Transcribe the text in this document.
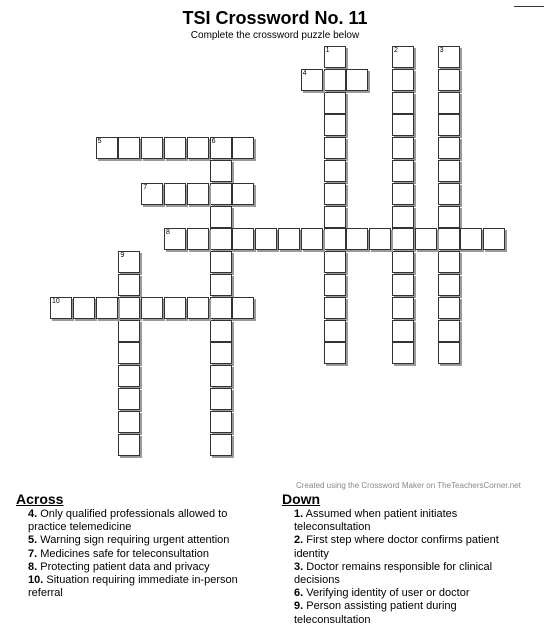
TSI Crossword No. 11
Complete the crossword puzzle below
1	2	3
4
5	6
7
8
9
10
Created using the Crossword Maker on TheTeachersCorner.net
Across
4. Only qualified professionals allowed to practice telemedicine
5. Warning sign requiring urgent attention
7. Medicines safe for teleconsultation
8. Protecting patient data and privacy
10. Situation requiring immediate in-person referral
Down
1. Assumed when patient initiates teleconsultation
2. First step where doctor confirms patient identity
3. Doctor remains responsible for clinical decisions
6. Verifying identity of user or doctor
9. Person assisting patient during teleconsultation
